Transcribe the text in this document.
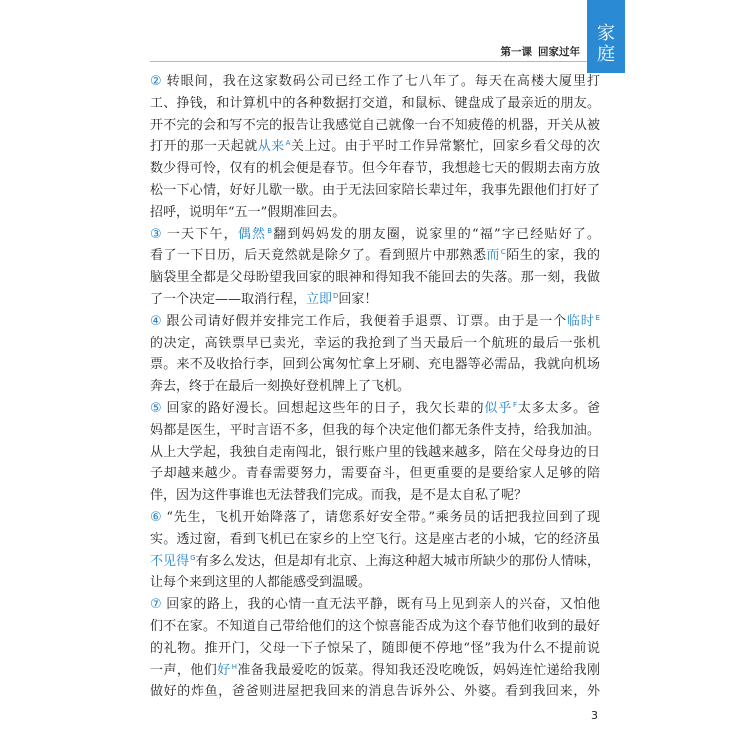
第一课 回家过年
家
庭
② 转眼间，我在这家数码公司已经工作了七八年了。每天在高楼大厦里打
工、挣钱，和计算机中的各种数据打交道，和鼠标、键盘成了最亲近的朋友。
开不完的会和写不完的报告让我感觉自己就像一台不知疲倦的机器，开关从被
打开的那一天起就从来$^A$关上过。由于平时工作异常繁忙，回家乡看父母的次
数少得可怜，仅有的机会便是春节。但今年春节，我想趁七天的假期去南方放
松一下心情，好好儿歇一歇。由于无法回家陪长辈过年，我事先跟他们打好了
招呼，说明年“五一”假期准回去。
③ 一天下午，偶然$^B$翻到妈妈发的朋友圈，说家里的“福”字已经贴好了。
看了一下日历，后天竟然就是除夕了。看到照片中那熟悉而$^C$陌生的家，我的
脑袋里全都是父母盼望我回家的眼神和得知我不能回去的失落。那一刻，我做
了一个决定——取消行程，立即$^D$回家！
④ 跟公司请好假并安排完工作后，我便着手退票、订票。由于是一个临时$^E$
的决定，高铁票早已卖光，幸运的我抢到了当天最后一个航班的最后一张机
票。来不及收拾行李，回到公寓匆忙拿上牙刷、充电器等必需品，我就向机场
奔去，终于在最后一刻换好登机牌上了飞机。
⑤ 回家的路好漫长。回想起这些年的日子，我欠长辈的似乎$^F$太多太多。爸
妈都是医生，平时言语不多，但我的每个决定他们都无条件支持，给我加油。
从上大学起，我独自走南闯北，银行账户里的钱越来越多，陪在父母身边的日
子却越来越少。青春需要努力，需要奋斗，但更重要的是要给家人足够的陪
伴，因为这件事谁也无法替我们完成。而我，是不是太自私了呢？
⑥ “先生，飞机开始降落了，请您系好安全带。”乘务员的话把我拉回到了现
实。透过窗，看到飞机已在家乡的上空飞行。这是座古老的小城，它的经济虽
不见得$^G$有多么发达，但是却有北京、上海这种超大城市所缺少的那份人情味，
让每个来到这里的人都能感受到温暖。
⑦ 回家的路上，我的心情一直无法平静，既有马上见到亲人的兴奋，又怕他
们不在家。不知道自己带给他们的这个惊喜能否成为这个春节他们收到的最好
的礼物。推开门，父母一下子惊呆了，随即便不停地“怪”我为什么不提前说
一声，他们好$^H$准备我最爱吃的饭菜。得知我还没吃晚饭，妈妈连忙递给我刚
做好的炸鱼，爸爸则进屋把我回来的消息告诉外公、外婆。看到我回来，外
3
